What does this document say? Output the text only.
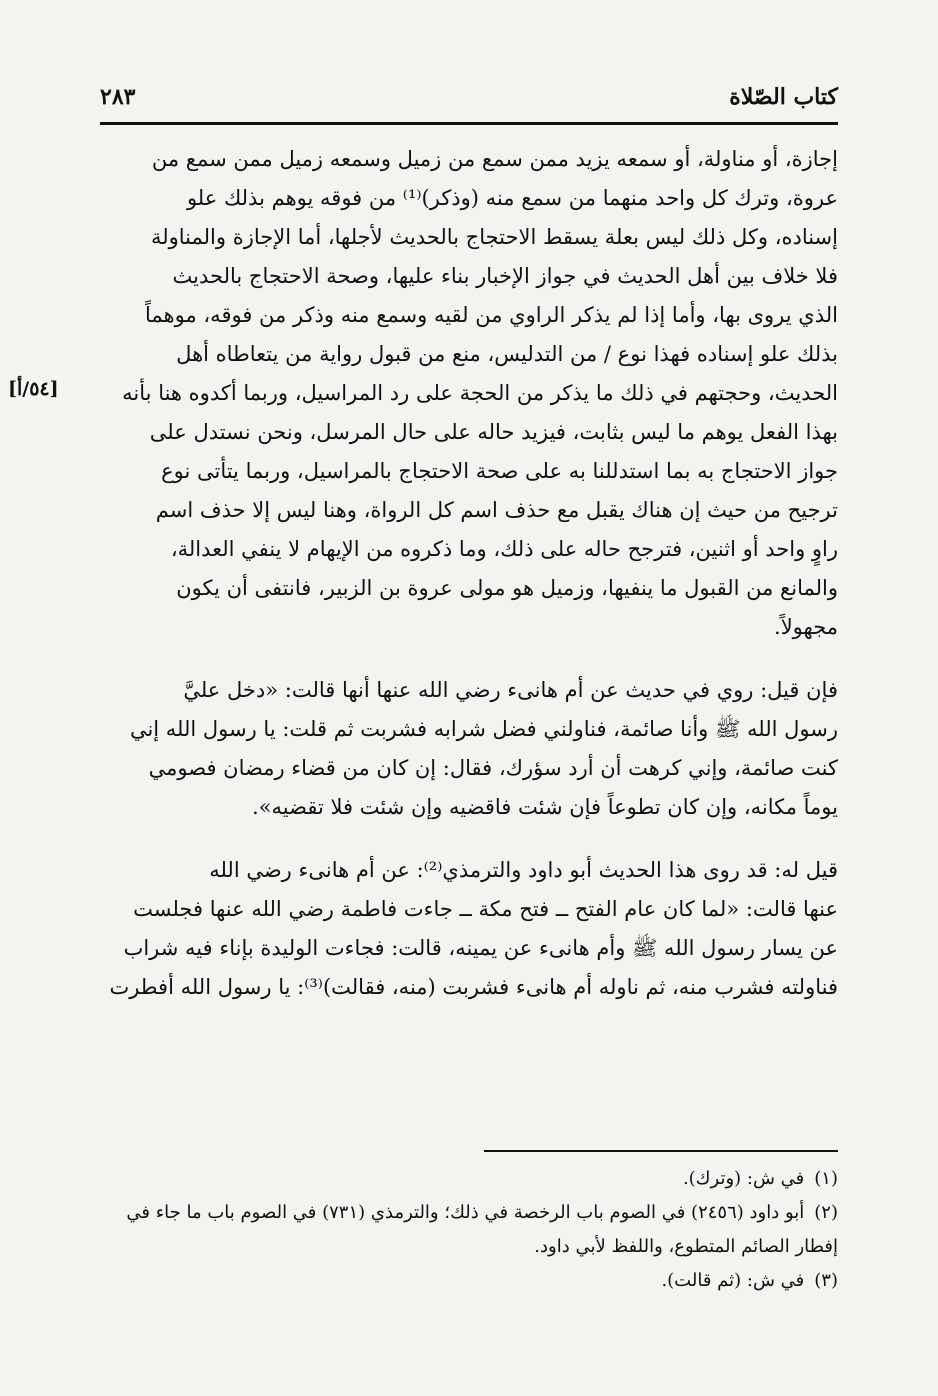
كتاب الصّلاة
٢٨٣
[٥٤/أ]

إجازة، أو مناولة، أو سمعه يزيد ممن سمع من زميل وسمعه زميل ممن سمع من

عروة، وترك كل واحد منهما من سمع منه (وذكر)⁽¹⁾ من فوقه يوهم بذلك علو

إسناده، وكل ذلك ليس بعلة يسقط الاحتجاج بالحديث لأجلها، أما الإجازة والمناولة

فلا خلاف بين أهل الحديث في جواز الإخبار بناء عليها، وصحة الاحتجاج بالحديث

الذي يروى بها، وأما إذا لم يذكر الراوي من لقيه وسمع منه وذكر من فوقه، موهماً

بذلك علو إسناده فهذا نوع / من التدليس، منع من قبول رواية من يتعاطاه أهل

الحديث، وحجتهم في ذلك ما يذكر من الحجة على رد المراسيل، وربما أكدوه هنا بأنه

بهذا الفعل يوهم ما ليس بثابت، فيزيد حاله على حال المرسل، ونحن نستدل على

جواز الاحتجاج به بما استدللنا به على صحة الاحتجاج بالمراسيل، وربما يتأتى نوع

ترجيح من حيث إن هناك يقبل مع حذف اسم كل الرواة، وهنا ليس إلا حذف اسم

راوٍ واحد أو اثنين، فترجح حاله على ذلك، وما ذكروه من الإيهام لا ينفي العدالة،

والمانع من القبول ما ينفيها، وزميل هو مولى عروة بن الزبير، فانتفى أن يكون

مجهولاً.

فإن قيل: روي في حديث عن أم هانىء رضي الله عنها أنها قالت: «دخل عليَّ

رسول الله ﷺ وأنا صائمة، فناولني فضل شرابه فشربت ثم قلت: يا رسول الله إني

كنت صائمة، وإني كرهت أن أرد سؤرك، فقال: إن كان من قضاء رمضان فصومي

يوماً مكانه، وإن كان تطوعاً فإن شئت فاقضيه وإن شئت فلا تقضيه».

قيل له: قد روى هذا الحديث أبو داود والترمذي⁽²⁾: عن أم هانىء رضي الله

عنها قالت: «لما كان عام الفتح ــ فتح مكة ــ جاءت فاطمة رضي الله عنها فجلست

عن يسار رسول الله ﷺ وأم هانىء عن يمينه، قالت: فجاءت الوليدة بإناء فيه شراب

فناولته فشرب منه، ثم ناوله أم هانىء فشربت (منه، فقالت)⁽³⁾: يا رسول الله أفطرت

(١)في ش: (وترك).

(٢)أبو داود (٢٤٥٦) في الصوم باب الرخصة في ذلك؛ والترمذي (٧٣١) في الصوم باب ما جاء في إفطار الصائم المتطوع، واللفظ لأبي داود.

(٣)في ش: (ثم قالت).
